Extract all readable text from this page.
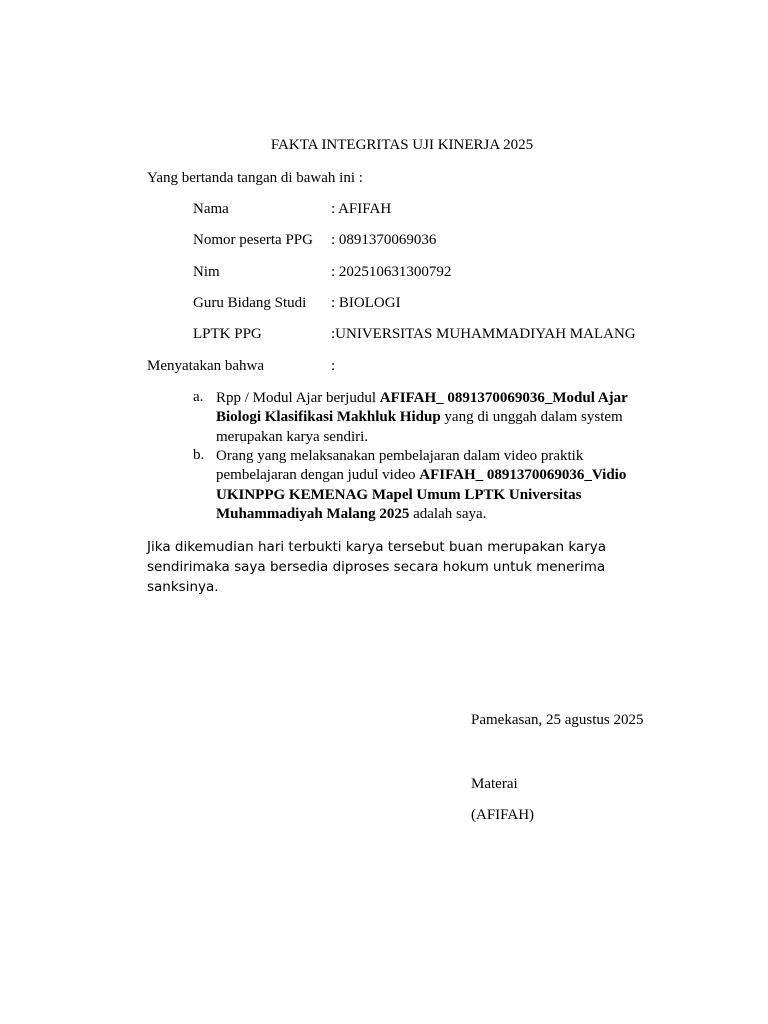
FAKTA INTEGRITAS UJI KINERJA 2025
Yang bertanda tangan di bawah ini :
Nama	: AFIFAH
Nomor peserta PPG : 0891370069036
Nim	: 202510631300792
Guru Bidang Studi : BIOLOGI
LPTK PPG	:UNIVERSITAS MUHAMMADIYAH MALANG
Menyatakan bahwa	:
a. Rpp / Modul Ajar berjudul AFIFAH_ 0891370069036_Modul Ajar Biologi Klasifikasi Makhluk Hidup yang di unggah dalam system merupakan karya sendiri.
b. Orang yang melaksanakan pembelajaran dalam video praktik pembelajaran dengan judul video AFIFAH_ 0891370069036_Vidio UKINPPG KEMENAG Mapel Umum LPTK Universitas Muhammadiyah Malang 2025 adalah saya.
Jika dikemudian hari terbukti karya tersebut buan merupakan karya sendirimaka saya bersedia diproses secara hokum untuk menerima sanksinya.
Pamekasan, 25 agustus 2025
Materai
(AFIFAH)
